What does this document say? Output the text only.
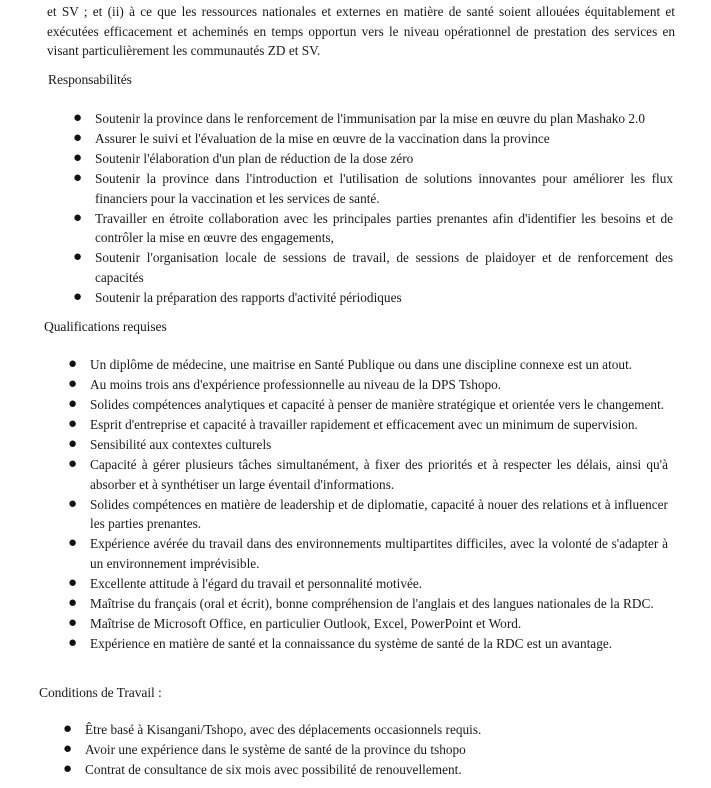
et SV ; et (ii) à ce que les ressources nationales et externes en matière de santé soient allouées équitablement et exécutées efficacement et acheminés en temps opportun vers le niveau opérationnel de prestation des services en visant particulièrement les communautés ZD et SV.

Responsabilités
● Soutenir la province dans le renforcement de l'immunisation par la mise en œuvre du plan Mashako 2.0
● Assurer le suivi et l'évaluation de la mise en œuvre de la vaccination dans la province
● Soutenir l'élaboration d'un plan de réduction de la dose zéro
● Soutenir la province dans l'introduction et l'utilisation de solutions innovantes pour améliorer les flux financiers pour la vaccination et les services de santé.
● Travailler en étroite collaboration avec les principales parties prenantes afin d'identifier les besoins et de contrôler la mise en œuvre des engagements,
● Soutenir l'organisation locale de sessions de travail, de sessions de plaidoyer et de renforcement des capacités
● Soutenir la préparation des rapports d'activité périodiques
Qualifications requises
● Un diplôme de médecine, une maitrise en Santé Publique ou dans une discipline connexe est un atout.
● Au moins trois ans d'expérience professionnelle au niveau de la DPS Tshopo.
● Solides compétences analytiques et capacité à penser de manière stratégique et orientée vers le changement.
● Esprit d'entreprise et capacité à travailler rapidement et efficacement avec un minimum de supervision.
● Sensibilité aux contextes culturels
● Capacité à gérer plusieurs tâches simultanément, à fixer des priorités et à respecter les délais, ainsi qu'à absorber et à synthétiser un large éventail d'informations.
● Solides compétences en matière de leadership et de diplomatie, capacité à nouer des relations et à influencer les parties prenantes.
● Expérience avérée du travail dans des environnements multipartites difficiles, avec la volonté de s'adapter à un environnement imprévisible.
● Excellente attitude à l'égard du travail et personnalité motivée.
● Maîtrise du français (oral et écrit), bonne compréhension de l'anglais et des langues nationales de la RDC.
● Maîtrise de Microsoft Office, en particulier Outlook, Excel, PowerPoint et Word.
● Expérience en matière de santé et la connaissance du système de santé de la RDC est un avantage.
Conditions de Travail :
● Être basé à Kisangani/Tshopo, avec des déplacements occasionnels requis.
● Avoir une expérience dans le système de santé de la province du tshopo
● Contrat de consultance de six mois avec possibilité de renouvellement.
